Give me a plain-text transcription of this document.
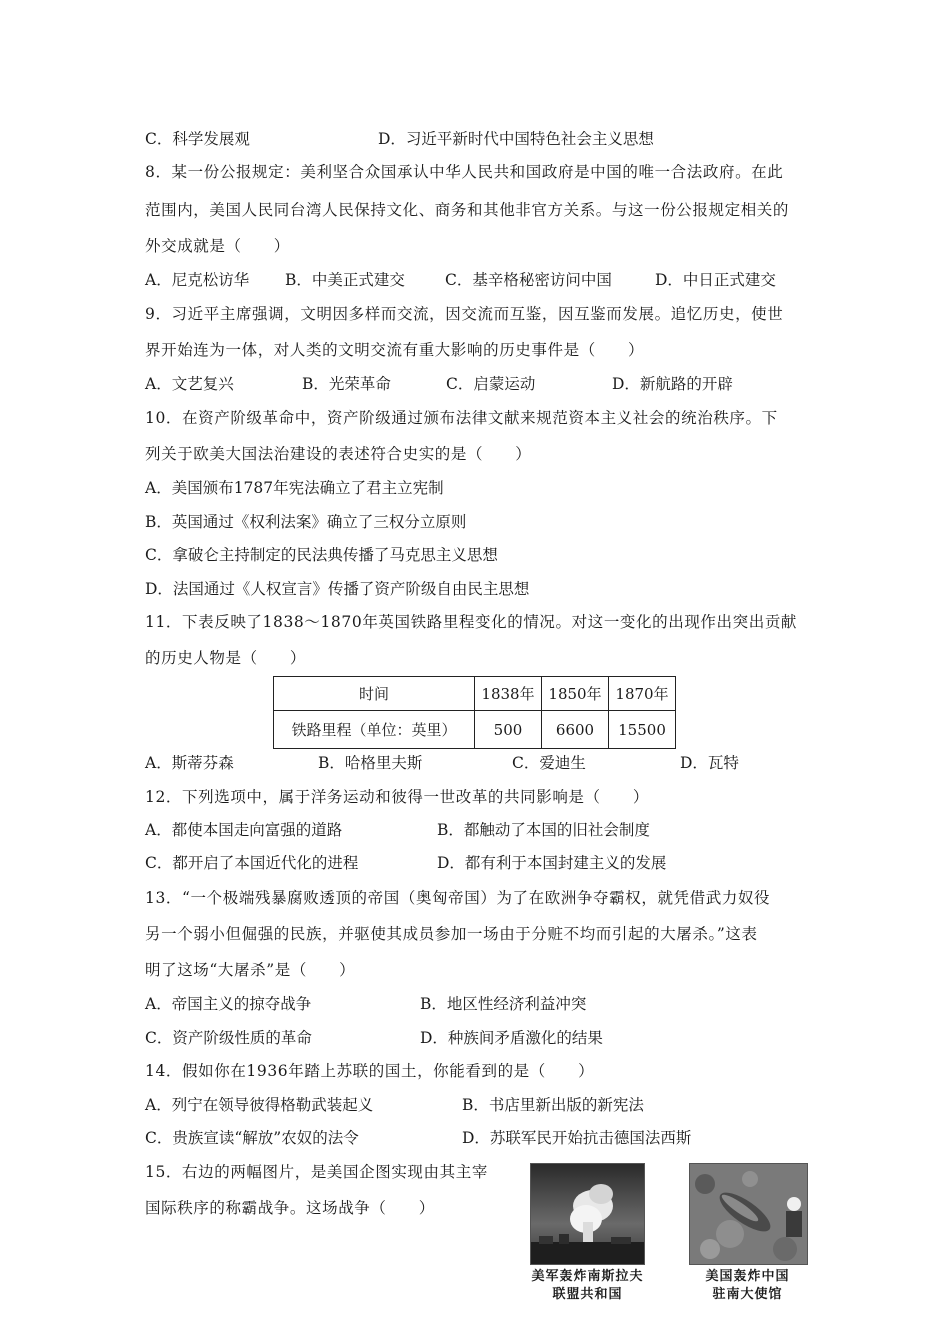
C．科学发展观	D．习近平新时代中国特色社会主义思想
8．某一份公报规定：美利坚合众国承认中华人民共和国政府是中国的唯一合法政府。在此
范围内，美国人民同台湾人民保持文化、商务和其他非官方关系。与这一份公报规定相关的
外交成就是（　　）
A．尼克松访华 B．中美正式建交	C．基辛格秘密访问中国	D．中日正式建交
9．习近平主席强调，文明因多样而交流，因交流而互鉴，因互鉴而发展。追忆历史，使世
界开始连为一体，对人类的文明交流有重大影响的历史事件是（　　）
A．文艺复兴	B．光荣革命	C．启蒙运动	D．新航路的开辟
10．在资产阶级革命中，资产阶级通过颁布法律文献来规范资本主义社会的统治秩序。下
列关于欧美大国法治建设的表述符合史实的是（　　）
A．美国颁布1787年宪法确立了君主立宪制
B．英国通过《权利法案》确立了三权分立原则
C．拿破仑主持制定的民法典传播了马克思主义思想
D．法国通过《人权宣言》传播了资产阶级自由民主思想
11．下表反映了1838～1870年英国铁路里程变化的情况。对这一变化的出现作出突出贡献
的历史人物是（　　）
时间	1838年	1850年	1870年
铁路里程（单位：英里）	500	6600	15500
A．斯蒂芬森	B．哈格里夫斯	C．爱迪生	D．瓦特
12．下列选项中，属于洋务运动和彼得一世改革的共同影响是（　　）
A．都使本国走向富强的道路	B．都触动了本国的旧社会制度
C．都开启了本国近代化的进程	D．都有利于本国封建主义的发展
13．“一个极端残暴腐败透顶的帝国（奥匈帝国）为了在欧洲争夺霸权，就凭借武力奴役
另一个弱小但倔强的民族，并驱使其成员参加一场由于分赃不均而引起的大屠杀。”这表
明了这场“大屠杀”是（　　）
A．帝国主义的掠夺战争	B．地区性经济利益冲突
C．资产阶级性质的革命	D．种族间矛盾激化的结果
14．假如你在1936年踏上苏联的国土，你能看到的是（　　）
A．列宁在领导彼得格勒武装起义	B．书店里新出版的新宪法
C．贵族宣读“解放”农奴的法令	D．苏联军民开始抗击德国法西斯
15．右边的两幅图片，是美国企图实现由其主宰
国际秩序的称霸战争。这场战争（　　）
美军轰炸南斯拉夫
联盟共和国
美国轰炸中国
驻南大使馆
